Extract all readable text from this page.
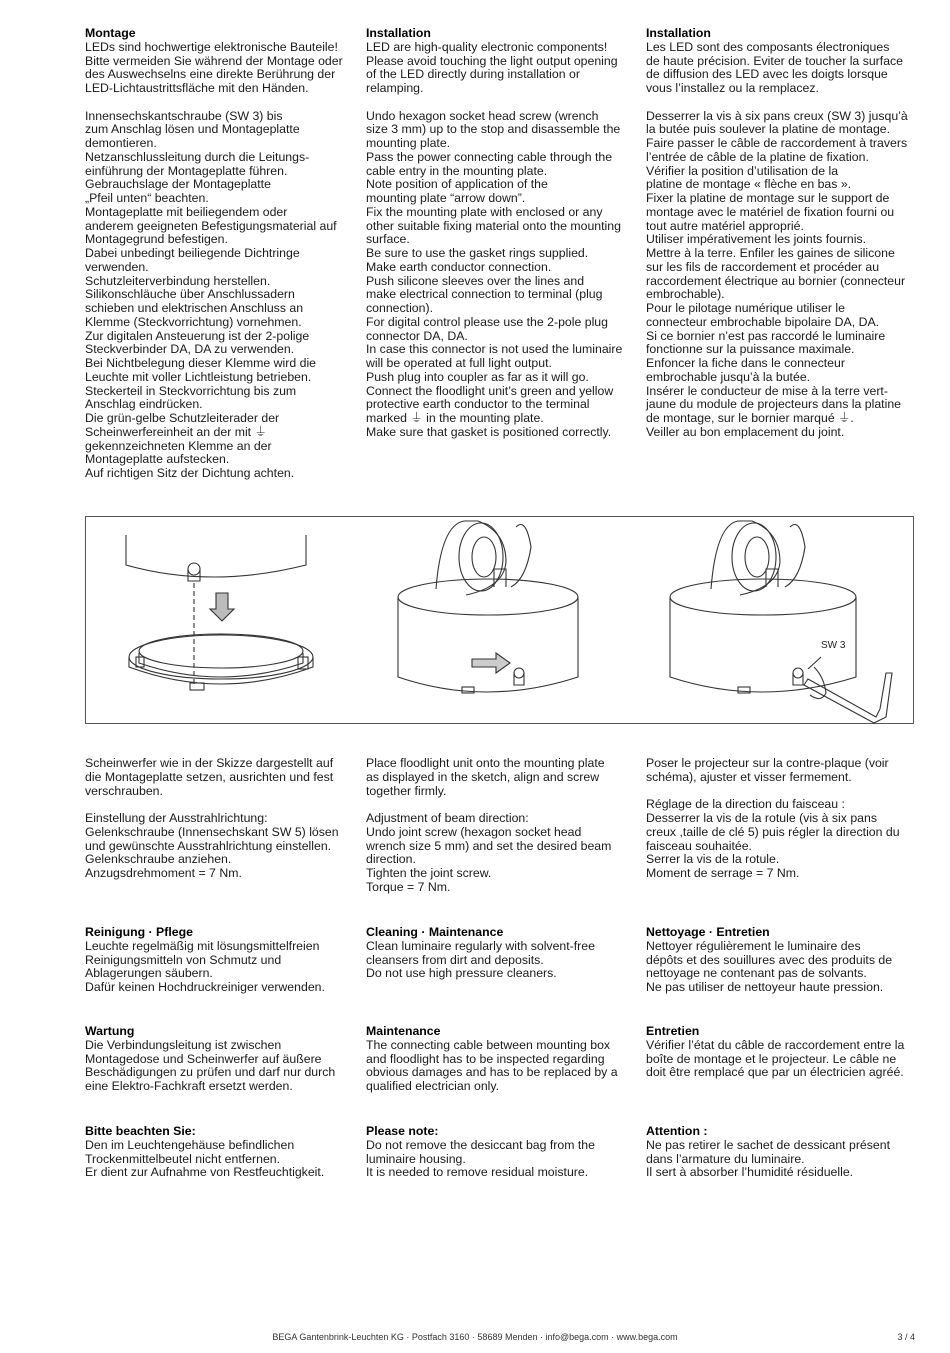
Montage

LEDs sind hochwertige elektronische Bauteile!

Bitte vermeiden Sie während der Montage oder

des Auswechselns eine direkte Berührung der

LED-Lichtaustrittsfläche mit den Händen.

Innensechskantschraube (SW 3) bis

zum Anschlag lösen und Montageplatte

demontieren.

Netzanschlussleitung durch die Leitungs-

einführung der Montageplatte führen.

Gebrauchslage der Montageplatte

„Pfeil unten“ beachten.

Montageplatte mit beiliegendem oder

anderem geeigneten Befestigungsmaterial auf

Montagegrund befestigen.

Dabei unbedingt beiliegende Dichtringe

verwenden.

Schutzleiterverbindung herstellen.

Silikonschläuche über Anschlussadern

schieben und elektrischen Anschluss an

Klemme (Steckvorrichtung) vornehmen.

Zur digitalen Ansteuerung ist der 2-polige

Steckverbinder DA, DA zu verwenden.

Bei Nichtbelegung dieser Klemme wird die

Leuchte mit voller Lichtleistung betrieben.

Steckerteil in Steckvorrichtung bis zum

Anschlag eindrücken.

Die grün-gelbe Schutzleiterader der

Scheinwerfereinheit an der mit ⏚

gekennzeichneten Klemme an der

Montageplatte aufstecken.

Auf richtigen Sitz der Dichtung achten.

Installation

LED are high-quality electronic components!

Please avoid touching the light output opening

of the LED directly during installation or

relamping.

Undo hexagon socket head screw (wrench

size 3 mm) up to the stop and disassemble the

mounting plate.

Pass the power connecting cable through the

cable entry in the mounting plate.

Note position of application of the

mounting plate “arrow down”.

Fix the mounting plate with enclosed or any

other suitable fixing material onto the mounting

surface.

Be sure to use the gasket rings supplied.

Make earth conductor connection.

Push silicone sleeves over the lines and

make electrical connection to terminal (plug

connection).

For digital control please use the 2-pole plug

connector DA, DA.

In case this connector is not used the luminaire

will be operated at full light output.

Push plug into coupler as far as it will go.

Connect the floodlight unit’s green and yellow

protective earth conductor to the terminal

marked ⏚ in the mounting plate.

Make sure that gasket is positioned correctly.

Installation

Les LED sont des composants électroniques

de haute précision. Eviter de toucher la surface

de diffusion des LED avec les doigts lorsque

vous l’installez ou la remplacez.

Desserrer la vis à six pans creux (SW 3) jusqu’à

la butée puis soulever la platine de montage.

Faire passer le câble de raccordement à travers

l’entrée de câble de la platine de fixation.

Vérifier la position d’utilisation de la

platine de montage « flèche en bas ».

Fixer la platine de montage sur le support de

montage avec le matériel de fixation fourni ou

tout autre matériel approprié.

Utiliser impérativement les joints fournis.

Mettre à la terre. Enfiler les gaines de silicone

sur les fils de raccordement et procéder au

raccordement électrique au bornier (connecteur

embrochable).

Pour le pilotage numérique utiliser le

connecteur embrochable bipolaire DA, DA.

Si ce bornier n’est pas raccordé le luminaire

fonctionne sur la puissance maximale.

Enfoncer la fiche dans le connecteur

embrochable jusqu’à la butée.

Insérer le conducteur de mise à la terre vert-

jaune du module de projecteurs dans la platine

de montage, sur le bornier marqué ⏚.

Veiller au bon emplacement du joint.

SW 3

Scheinwerfer wie in der Skizze dargestellt auf

die Montageplatte setzen, ausrichten und fest

verschrauben.

Einstellung der Ausstrahlrichtung:

Gelenkschraube (Innensechskant SW 5) lösen

und gewünschte Ausstrahlrichtung einstellen.

Gelenkschraube anziehen.

Anzugsdrehmoment = 7 Nm.

Place floodlight unit onto the mounting plate

as displayed in the sketch, align and screw

together firmly.

Adjustment of beam direction:

Undo joint screw (hexagon socket head

wrench size 5 mm) and set the desired beam

direction.

Tighten the joint screw.

Torque = 7 Nm.

Poser le projecteur sur la contre-plaque (voir

schéma), ajuster et visser fermement.

Réglage de la direction du faisceau :

Desserrer la vis de la rotule (vis à six pans

creux ,taille de clé 5) puis régler la direction du

faisceau souhaitée.

Serrer la vis de la rotule.

Moment de serrage = 7 Nm.

Reinigung · Pflege

Leuchte regelmäßig mit lösungsmittelfreien

Reinigungsmitteln von Schmutz und

Ablagerungen säubern.

Dafür keinen Hochdruckreiniger verwenden.

Cleaning · Maintenance

Clean luminaire regularly with solvent-free

cleansers from dirt and deposits.

Do not use high pressure cleaners.

Nettoyage · Entretien

Nettoyer régulièrement le luminaire des

dépôts et des souillures avec des produits de

nettoyage ne contenant pas de solvants.

Ne pas utiliser de nettoyeur haute pression.

Wartung

Die Verbindungsleitung ist zwischen

Montagedose und Scheinwerfer auf äußere

Beschädigungen zu prüfen und darf nur durch

eine Elektro-Fachkraft ersetzt werden.

Maintenance

The connecting cable between mounting box

and floodlight has to be inspected regarding

obvious damages and has to be replaced by a

qualified electrician only.

Entretien

Vérifier l’état du câble de raccordement entre la

boîte de montage et le projecteur. Le câble ne

doit être remplacé que par un électricien agréé.

Bitte beachten Sie:

Den im Leuchtengehäuse befindlichen

Trockenmittelbeutel nicht entfernen.

Er dient zur Aufnahme von Restfeuchtigkeit.

Please note:

Do not remove the desiccant bag from the

luminaire housing.

It is needed to remove residual moisture.

Attention :

Ne pas retirer le sachet de dessicant présent

dans l’armature du luminaire.

Il sert à absorber l’humidité résiduelle.

BEGA Gantenbrink-Leuchten KG · Postfach 3160 · 58689 Menden · info@bega.com · www.bega.com	3 / 4
